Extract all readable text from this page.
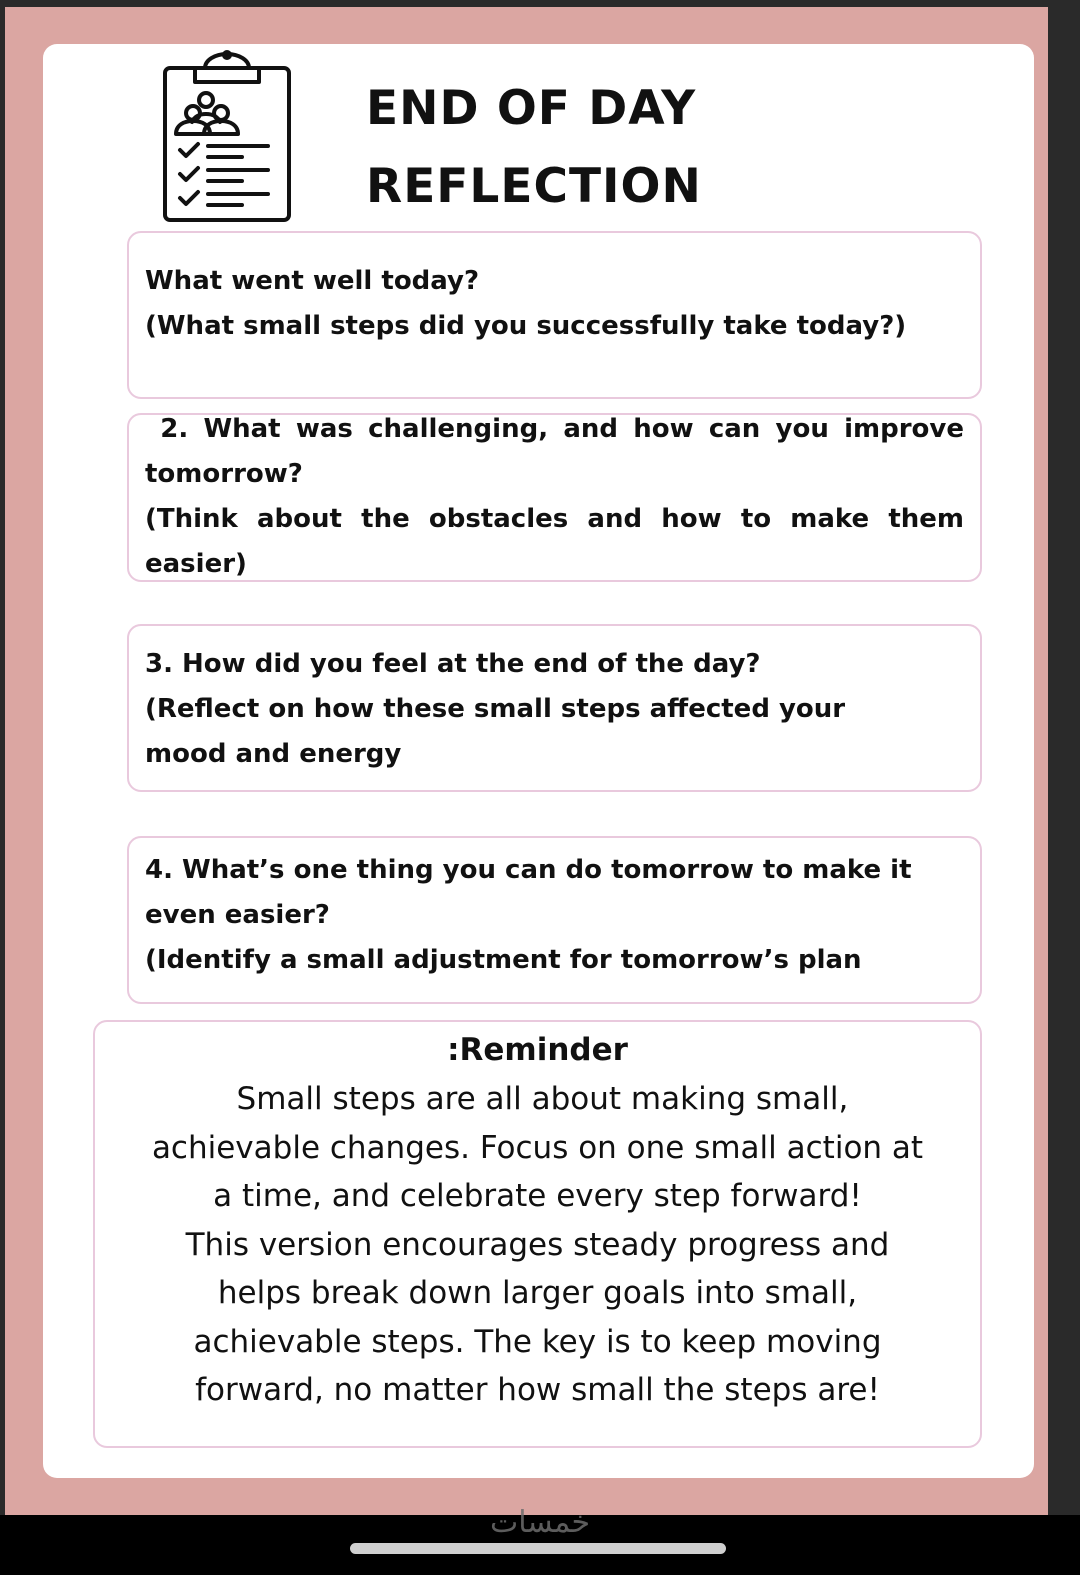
END OF DAY
REFLECTION

What went well today?

(What small steps did you successfully take today?)

2. What was challenging, and how can you improve

tomorrow?

(Think about the obstacles and how to make them

easier)

3. How did you feel at the end of the day?

(Reflect on how these small steps affected your

mood and energy

4. What’s one thing you can do tomorrow to make it

even easier?

(Identify a small adjustment for tomorrow’s plan

:Reminder
Small steps are all about making small,
achievable changes. Focus on one small action at
a time, and celebrate every step forward!
This version encourages steady progress and
helps break down larger goals into small,
achievable steps. The key is to keep moving
forward, no matter how small the steps are!
خمسات
